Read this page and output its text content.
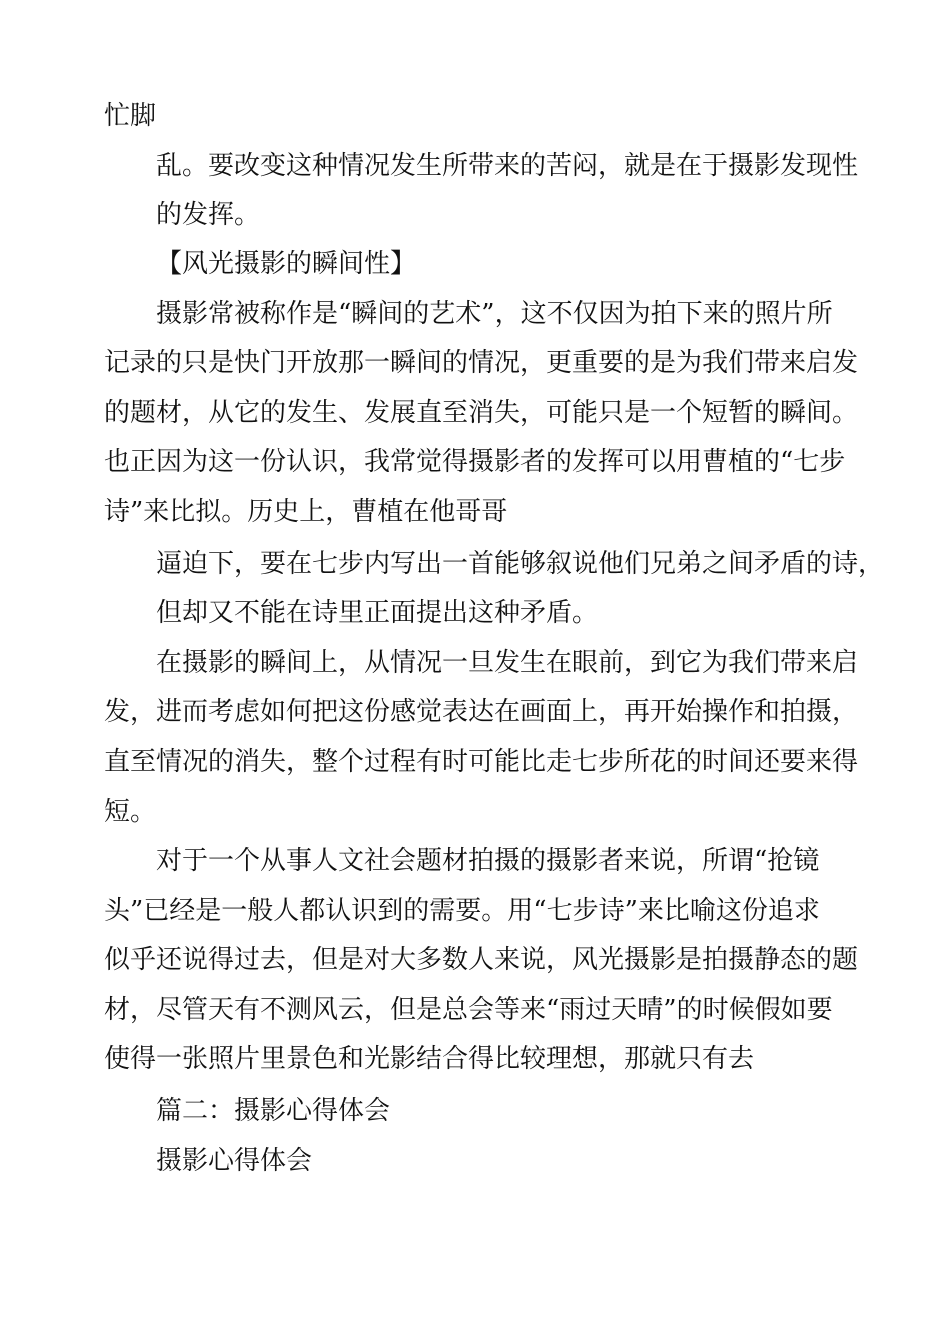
忙脚

乱。要改变这种情况发生所带来的苦闷，就是在于摄影发现性

的发挥。

【风光摄影的瞬间性】

摄影常被称作是“瞬间的艺术”，这不仅因为拍下来的照片所

记录的只是快门开放那一瞬间的情况，更重要的是为我们带来启发

的题材，从它的发生、发展直至消失，可能只是一个短暂的瞬间。

也正因为这一份认识，我常觉得摄影者的发挥可以用曹植的“七步

诗”来比拟。历史上，曹植在他哥哥

逼迫下，要在七步内写出一首能够叙说他们兄弟之间矛盾的诗，

但却又不能在诗里正面提出这种矛盾。

在摄影的瞬间上，从情况一旦发生在眼前，到它为我们带来启

发，进而考虑如何把这份感觉表达在画面上，再开始操作和拍摄，

直至情况的消失，整个过程有时可能比走七步所花的时间还要来得

短。

对于一个从事人文社会题材拍摄的摄影者来说，所谓“抢镜

头”已经是一般人都认识到的需要。用“七步诗”来比喻这份追求

似乎还说得过去，但是对大多数人来说，风光摄影是拍摄静态的题

材，尽管天有不测风云，但是总会等来“雨过天晴”的时候假如要

使得一张照片里景色和光影结合得比较理想，那就只有去

篇二：摄影心得体会

摄影心得体会
